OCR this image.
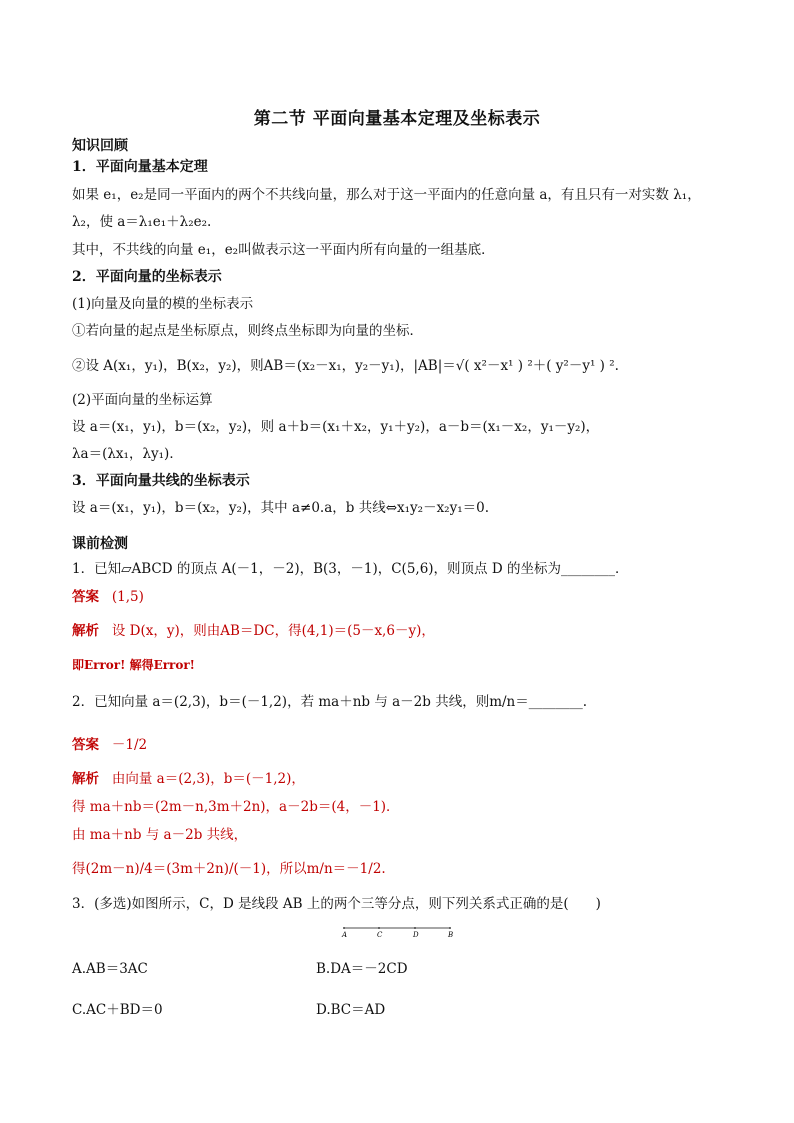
第二节 平面向量基本定理及坐标表示
知识回顾
1．平面向量基本定理
如果 e₁，e₂是同一平面内的两个不共线向量，那么对于这一平面内的任意向量 a，有且只有一对实数 λ₁，
λ₂，使 a＝λ₁e₁＋λ₂e₂.
其中，不共线的向量 e₁，e₂叫做表示这一平面内所有向量的一组基底．
2．平面向量的坐标表示
(1)向量及向量的模的坐标表示
①若向量的起点是坐标原点，则终点坐标即为向量的坐标．
②设 A(x₁，y₁)，B(x₂，y₂)，则AB＝(x₂－x₁，y₂－y₁)，|AB|＝√( x²－x¹ ) ²＋( y²－y¹ ) ².
(2)平面向量的坐标运算
设 a＝(x₁，y₁)，b＝(x₂，y₂)，则 a＋b＝(x₁＋x₂，y₁＋y₂)，a－b＝(x₁－x₂，y₁－y₂)，
λa＝(λx₁，λy₁)．
3．平面向量共线的坐标表示
设 a＝(x₁，y₁)，b＝(x₂，y₂)，其中 a≠0.a，b 共线⇔x₁y₂－x₂y₁＝0.
课前检测
1．已知▱ABCD 的顶点 A(－1，－2)，B(3，－1)，C(5,6)，则顶点 D 的坐标为________．
答案 (1,5)
解析 设 D(x，y)，则由AB＝DC，得(4,1)＝(5－x,6－y)，
即Error! 解得Error!
2．已知向量 a＝(2,3)，b＝(－1,2)，若 ma＋nb 与 a－2b 共线，则m/n＝________.
答案 －1/2
解析 由向量 a＝(2,3)，b＝(－1,2)，
得 ma＋nb＝(2m－n,3m＋2n)，a－2b＝(4，－1)．
由 ma＋nb 与 a－2b 共线，
得(2m－n)/4＝(3m＋2n)/(－1)，所以m/n＝－1/2.
3．(多选)如图所示，C，D 是线段 AB 上的两个三等分点，则下列关系式正确的是(　　)
A	C	D	B
A.AB＝3AC	B.DA＝－2CD
C.AC＋BD＝0	D.BC＝AD
